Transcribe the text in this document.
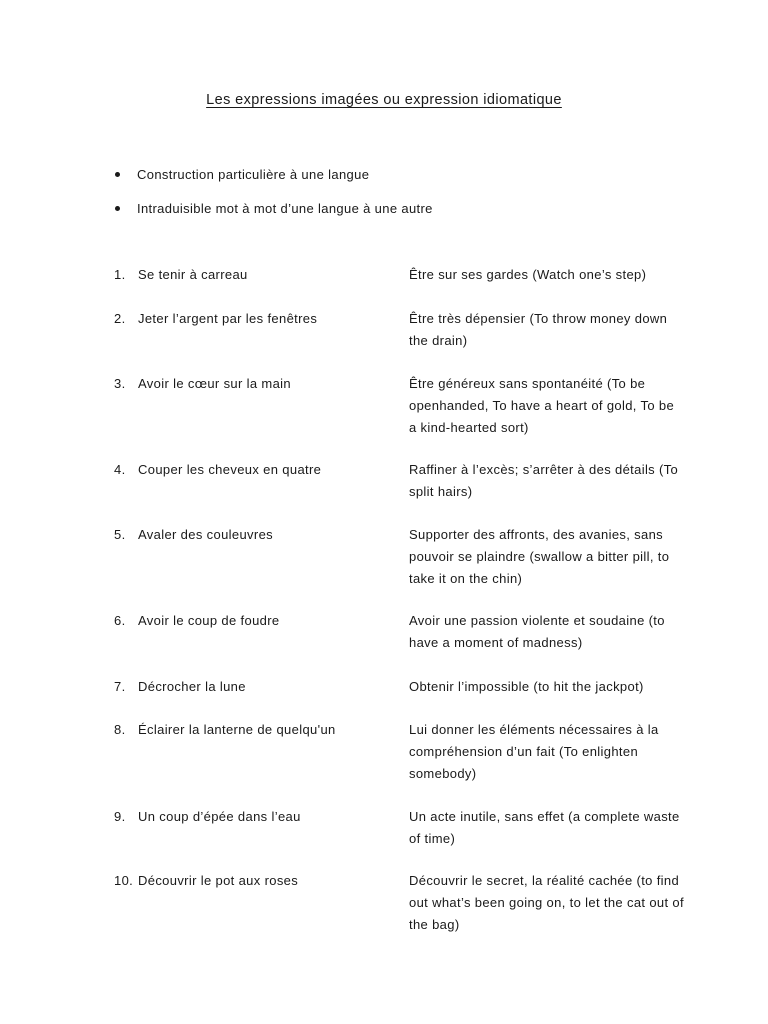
Les expressions imagées ou expression idiomatique
Construction particulière à une langue
Intraduisible mot à mot d’une langue à une autre
1. Se tenir à carreau	Être sur ses gardes (Watch one’s step)
2. Jeter l’argent par les fenêtres	Être très dépensier (To throw money down the drain)
3. Avoir le cœur sur la main	Être généreux sans spontanéité (To be openhanded, To have a heart of gold, To be a kind-hearted sort)
4. Couper les cheveux en quatre	Raffiner à l’excès; s’arrêter à des détails (To split hairs)
5. Avaler des couleuvres	Supporter des affronts, des avanies, sans pouvoir se plaindre (swallow a bitter pill, to take it on the chin)
6. Avoir le coup de foudre	Avoir une passion violente et soudaine (to have a moment of madness)
7. Décrocher la lune	Obtenir l’impossible (to hit the jackpot)
8. Éclairer la lanterne de quelqu'un	Lui donner les éléments nécessaires à la compréhension d’un fait (To enlighten somebody)
9. Un coup d’épée dans l’eau	Un acte inutile, sans effet (a complete waste of time)
10. Découvrir le pot aux roses	Découvrir le secret, la réalité cachée (to find out what’s been going on, to let the cat out of the bag)
